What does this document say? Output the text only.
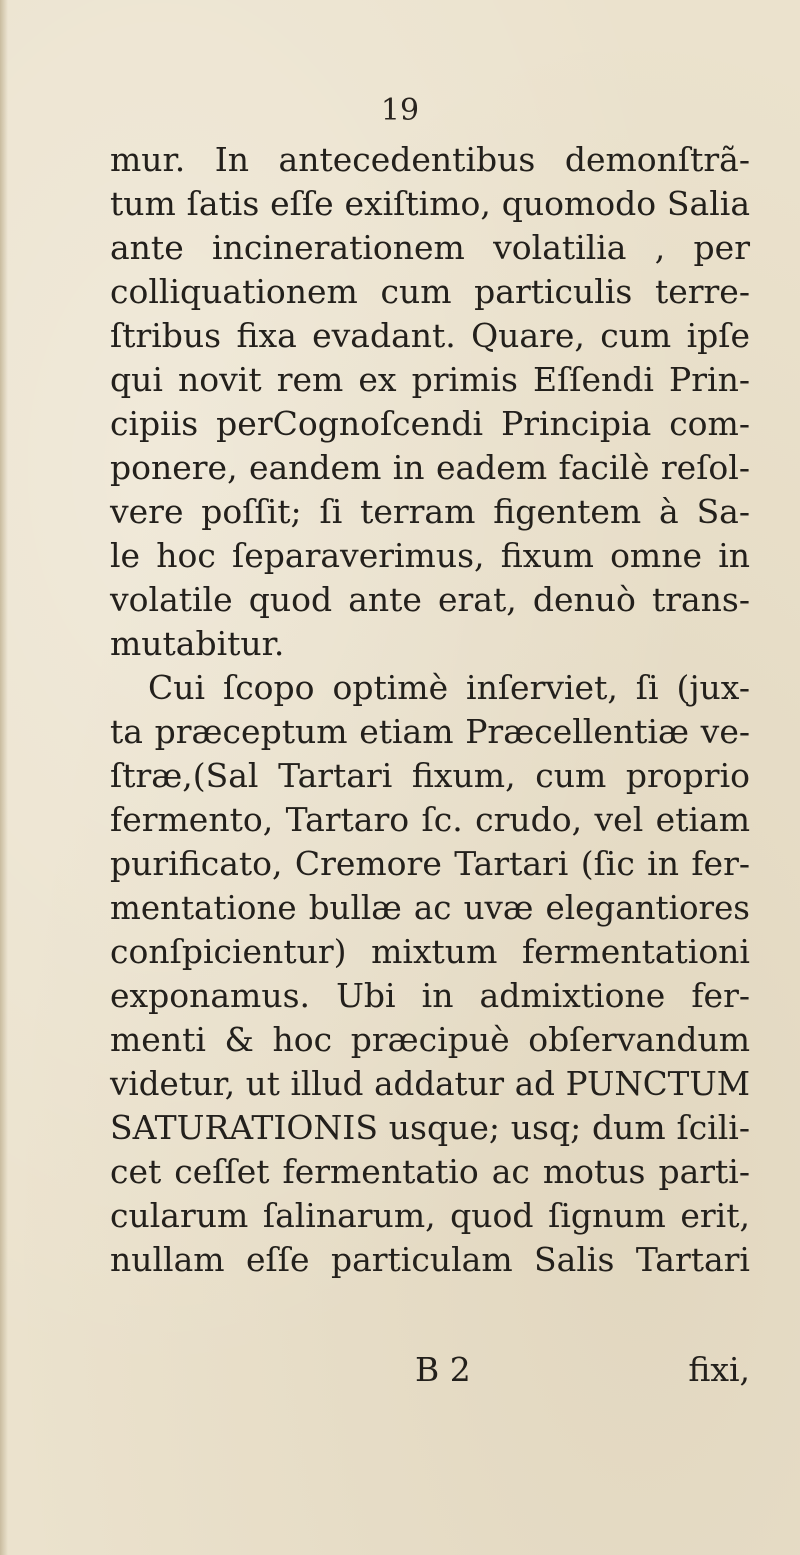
19
mur. In antecedentibus demonſtrã-
tum ſatis eſſe exiſtimo, quomodo Salia
ante incinerationem volatilia , per
colliquationem cum particulis terre-
ſtribus fixa evadant. Quare, cum ipſe
qui novit rem ex primis Eſſendi Prin-
cipiis perCognoſcendi Principia com-
ponere, eandem in eadem facilè reſol-
vere poſſit; ſi terram figentem à Sa-
le hoc ſeparaverimus, fixum omne in
volatile quod ante erat, denuò trans-
mutabitur.
Cui ſcopo optimè inſerviet, ſi (jux-
ta præceptum etiam Præcellentiæ ve-
ſtræ,(Sal Tartari fixum, cum proprio
fermento, Tartaro ſc. crudo, vel etiam
purificato, Cremore Tartari (ſic in fer-
mentatione bullæ ac uvæ elegantiores
conſpicientur) mixtum fermentationi
exponamus. Ubi in admixtione fer-
menti & hoc præcipuè obſervandum
videtur, ut illud addatur ad PUNCTUM
SATURATIONIS usque; usq; dum ſcili-
cet ceſſet fermentatio ac motus parti-
cularum ſalinarum, quod ſignum erit,
nullam eſſe particulam Salis Tartari
B 2	fixi,
